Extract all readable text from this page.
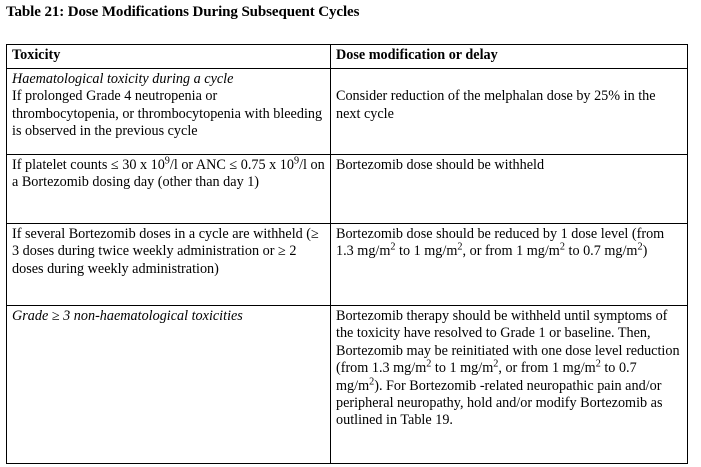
Table 21: Dose Modifications During Subsequent Cycles
Toxicity	Dose modification or delay

Haematological toxicity during a cycle
If prolonged Grade 4 neutropenia or thrombocytopenia, or thrombocytopenia with bleeding is observed in the previous cycle	Consider reduction of the melphalan dose by 25% in the next cycle

If platelet counts ≤ 30 x $10^9/l$ or ANC ≤ 0.75 x $10^9/l$ on a Bortezomib dosing day (other than day 1)	Bortezomib dose should be withheld

If several Bortezomib doses in a cycle are withheld (≥ 3 doses during twice weekly administration or ≥ 2 doses during weekly administration)	Bortezomib dose should be reduced by 1 dose level (from 1.3 $mg/m^2$ to 1 $mg/m^2$, or from 1 $mg/m^2$ to 0.7 $mg/m^2$)

Grade ≥ 3 non-haematological toxicities	Bortezomib therapy should be withheld until symptoms of the toxicity have resolved to Grade 1 or baseline. Then, Bortezomib may be reinitiated with one dose level reduction (from 1.3 $mg/m^2$ to 1 $mg/m^2$, or from 1 $mg/m^2$ to 0.7 $mg/m^2$). For Bortezomib -related neuropathic pain and/or peripheral neuropathy, hold and/or modify Bortezomib as outlined in Table 19.
